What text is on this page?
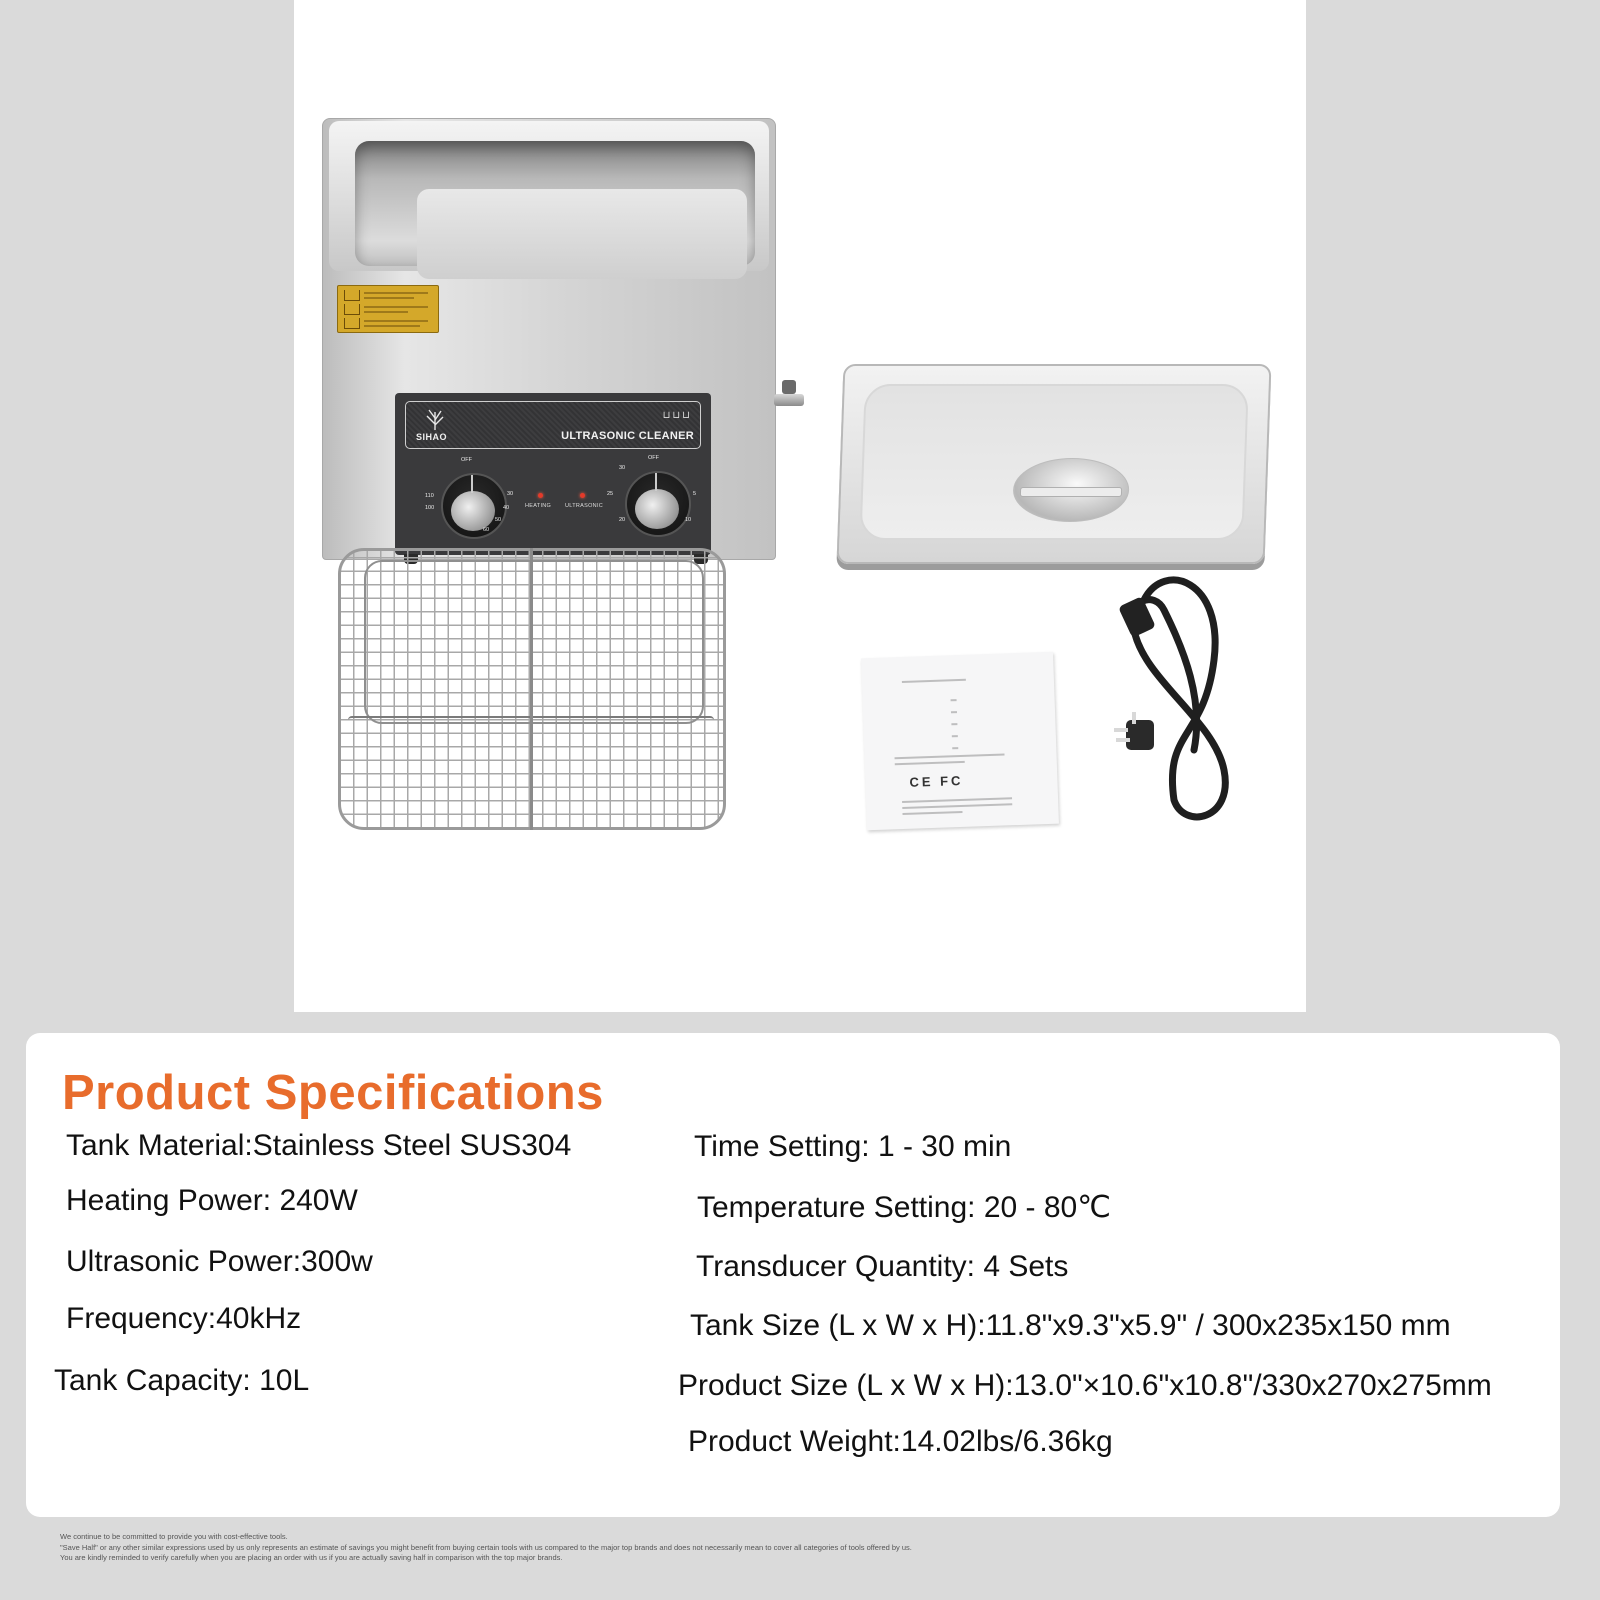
SIHAO
⊔⊔⊔
ULTRASONIC CLEANER
OFF
110
100
30
40
50
60
HEATING	ULTRASONIC
OFF
30
25
20
5
10
CE FC
Product Specifications
Tank Material:Stainless Steel SUS304
Heating Power: 240W
Ultrasonic Power:300w
Frequency:40kHz
Tank Capacity: 10L
Time Setting: 1 - 30 min
Temperature Setting: 20 - 80℃
Transducer Quantity: 4 Sets
Tank Size (L x W x H):11.8"x9.3"x5.9" / 300x235x150 mm
Product Size (L x W x H):13.0"×10.6"x10.8"/330x270x275mm
Product Weight:14.02lbs/6.36kg
We continue to be committed to provide you with cost-effective tools.
"Save Half" or any other similar expressions used by us only represents an estimate of savings you might benefit from buying certain tools with us compared to the major top brands and does not necessarily mean to cover all categories of tools offered by us.
You are kindly reminded to verify carefully when you are placing an order with us if you are actually saving half in comparison with the top major brands.
